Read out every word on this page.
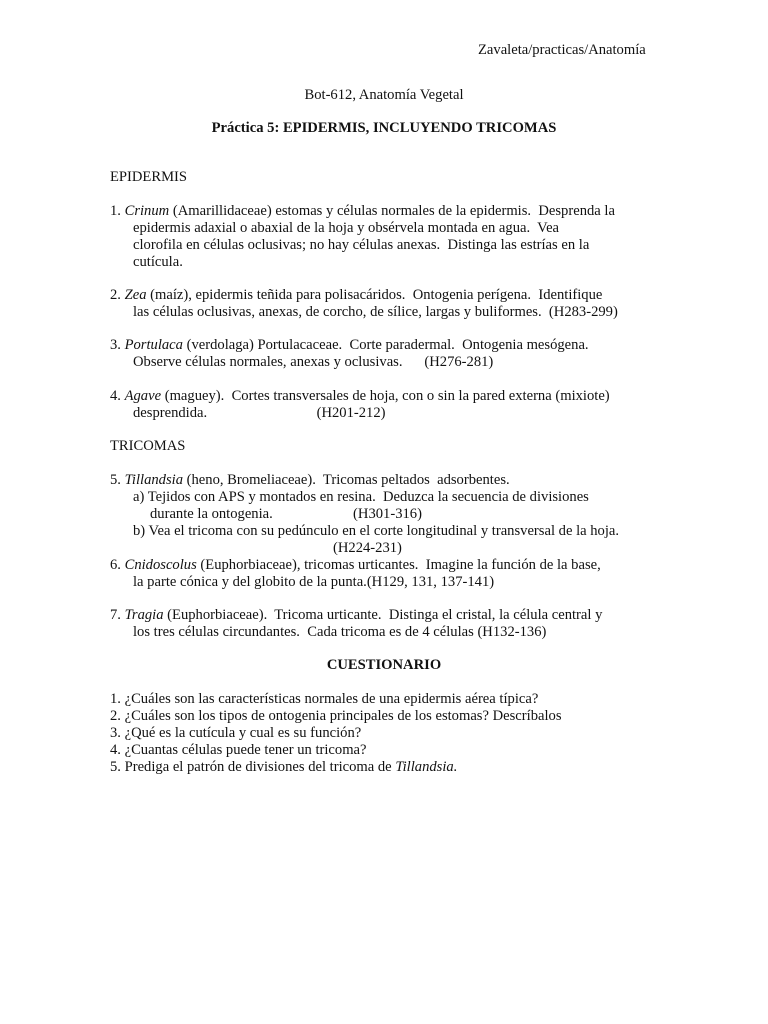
Zavaleta/practicas/Anatomía
Bot-612, Anatomía Vegetal
Práctica 5: EPIDERMIS, INCLUYENDO TRICOMAS
EPIDERMIS
1. Crinum (Amarillidaceae) estomas y células normales de la epidermis.  Desprenda la
epidermis adaxial o abaxial de la hoja y obsérvela montada en agua.  Vea
clorofila en células oclusivas; no hay células anexas.  Distinga las estrías en la
cutícula.
2. Zea (maíz), epidermis teñida para polisacáridos.  Ontogenia perígena.  Identifique
las células oclusivas, anexas, de corcho, de sílice, largas y buliformes.  (H283-299)
3. Portulaca (verdolaga) Portulacaceae.  Corte paradermal.  Ontogenia mesógena.
Observe células normales, anexas y oclusivas.      (H276-281)
4. Agave (maguey).  Cortes transversales de hoja, con o sin la pared externa (mixiote)
desprendida.                              (H201-212)
TRICOMAS
5. Tillandsia (heno, Bromeliaceae).  Tricomas peltados  adsorbentes.
a) Tejidos con APS y montados en resina.  Deduzca la secuencia de divisiones
durante la ontogenia.                      (H301-316)
b) Vea el tricoma con su pedúnculo en el corte longitudinal y transversal de la hoja.
(H224-231)
6. Cnidoscolus (Euphorbiaceae), tricomas urticantes.  Imagine la función de la base,
la parte cónica y del globito de la punta.(H129, 131, 137-141)
7. Tragia (Euphorbiaceae).  Tricoma urticante.  Distinga el cristal, la célula central y
los tres células circundantes.  Cada tricoma es de 4 células (H132-136)
CUESTIONARIO
1. ¿Cuáles son las características normales de una epidermis aérea típica?
2. ¿Cuáles son los tipos de ontogenia principales de los estomas? Descríbalos
3. ¿Qué es la cutícula y cual es su función?
4. ¿Cuantas células puede tener un tricoma?
5. Prediga el patrón de divisiones del tricoma de Tillandsia.
